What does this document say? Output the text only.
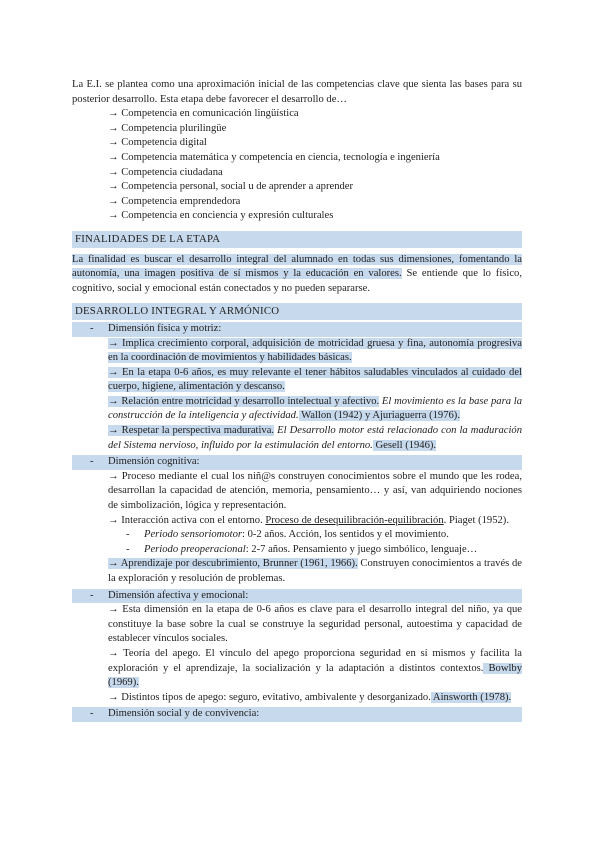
La E.I. se plantea como una aproximación inicial de las competencias clave que sienta las bases para su posterior desarrollo. Esta etapa debe favorecer el desarrollo de…

→ Competencia en comunicación lingüística
→ Competencia plurilingüe
→ Competencia digital
→ Competencia matemática y competencia en ciencia, tecnología e ingeniería
→ Competencia ciudadana
→ Competencia personal, social u de aprender a aprender
→ Competencia emprendedora
→ Competencia en conciencia y expresión culturales
FINALIDADES DE LA ETAPA

La finalidad es buscar el desarrollo integral del alumnado en todas sus dimensiones, fomentando la autonomía, una imagen positiva de sí mismos y la educación en valores. Se entiende que lo físico, cognitivo, social y emocional están conectados y no pueden separarse.

DESARROLLO INTEGRAL Y ARMÓNICO
- Dimensión física y motriz:

→ Implica crecimiento corporal, adquisición de motricidad gruesa y fina, autonomía progresiva en la coordinación de movimientos y habilidades básicas.

→ En la etapa 0-6 años, es muy relevante el tener hábitos saludables vinculados al cuidado del cuerpo, higiene, alimentación y descanso.

→ Relación entre motricidad y desarrollo intelectual y afectivo. El movimiento es la base para la construcción de la inteligencia y afectividad. Wallon (1942) y Ajuriaguerra (1976).

→ Respetar la perspectiva madurativa. El Desarrollo motor está relacionado con la maduración del Sistema nervioso, influido por la estimulación del entorno. Gesell (1946).

- Dimensión cognitiva:

→ Proceso mediante el cual los niñ@s construyen conocimientos sobre el mundo que les rodea, desarrollan la capacidad de atención, memoria, pensamiento… y así, van adquiriendo nociones de simbolización, lógica y representación.

→ Interacción activa con el entorno. Proceso de desequilibración-equilibración. Piaget (1952).

- Periodo sensoriomotor: 0-2 años. Acción, los sentidos y el movimiento.
- Periodo preoperacional: 2-7 años. Pensamiento y juego simbólico, lenguaje…

→ Aprendizaje por descubrimiento, Brunner (1961, 1966). Construyen conocimientos a través de la exploración y resolución de problemas.

- Dimensión afectiva y emocional:

→ Esta dimensión en la etapa de 0-6 años es clave para el desarrollo integral del niño, ya que constituye la base sobre la cual se construye la seguridad personal, autoestima y capacidad de establecer vínculos sociales.

→ Teoría del apego. El vínculo del apego proporciona seguridad en sí mismos y facilita la exploración y el aprendizaje, la socialización y la adaptación a distintos contextos. Bowlby (1969).

→ Distintos tipos de apego: seguro, evitativo, ambivalente y desorganizado. Ainsworth (1978).

- Dimensión social y de convivencia:
